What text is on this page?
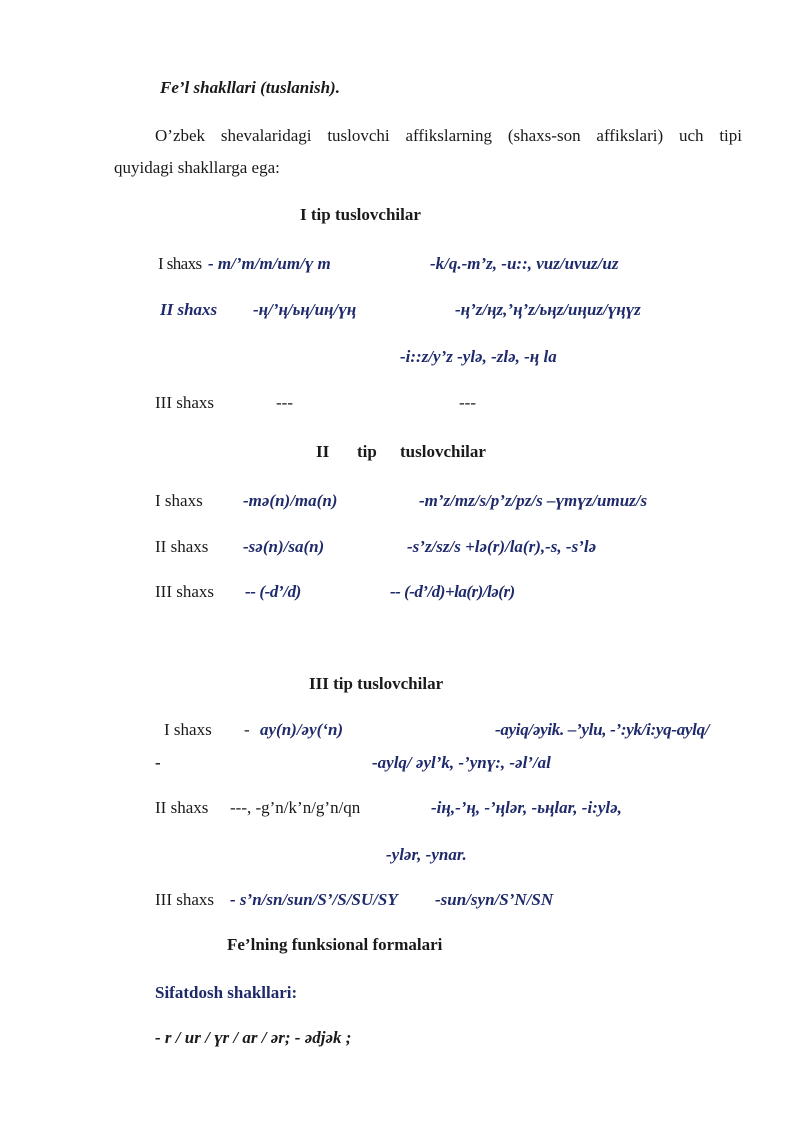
Fe’l shakllari (tuslanish).
O’zbek shevalaridagi tuslovchi affikslarning (shaxs-son affikslari) uch tipi
quyidagi shakllarga ega:
I tip tuslovchilar
I shaxs - m/’m/m/um/ү m	-k/q.-m’z, -u::, vuz/uvuz/uz
II shaxs -ң/’ң/ьң/uң/үң	-ң’z/ңz,’ң’z/ьңz/uңuz/үңүz
-i::z/у’z -ylə, -zlə, -ң la
III shaxs	---	---
II tip tuslovchilar
I shaxs -mə(n)/ma(n)	-m’z/mz/s/p’z/pz/s –үmүz/umuz/s
II shaxs -sə(n)/sa(n)	-s’z/sz/s +lə(r)/la(r),-s, -s’lə
III shaxs -- (-d’/d)	-- (-d’/d)+la(r)/lə(r)
III tip tuslovchilar
I shaxs - ay(n)/əy(‘n)	-ayiq/əyik. –’ylu, -’:yk/i:yq-aylq/
-	-aylq/ əyl’k, -’ynү:, -əl’/al
II shaxs ---, -g’n/k’n/g’n/qn	-iң,-’ң, -’ңlər, -ьңlar, -i:ylə,
-ylər, -ynar.
III shaxs - s’n/sn/sun/S’/S/SU/SY -sun/syn/S’N/SN
Fe’lning funksional formalari
Sifatdosh shakllari:
- r / ur / үr / ar / ər; - ədjək ;
